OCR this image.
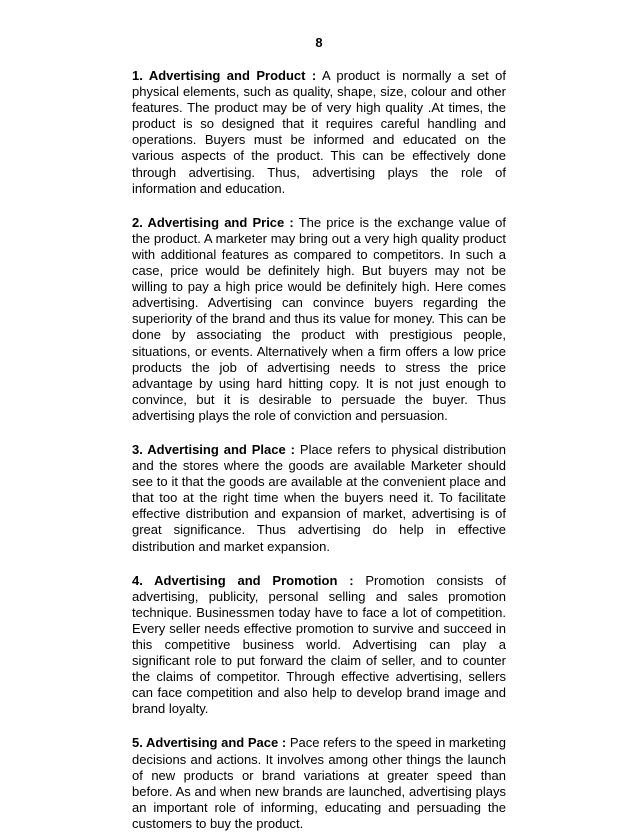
8

1. Advertising and Product : A product is normally a set of physical elements, such as quality, shape, size, colour and other features. The product may be of very high quality .At times, the product is so designed that it requires careful handling and operations. Buyers must be informed and educated on the various aspects of the product. This can be effectively done through advertising. Thus, advertising plays the role of information and education.

2. Advertising and Price : The price is the exchange value of the product. A marketer may bring out a very high quality product with additional features as compared to competitors. In such a case, price would be definitely high. But buyers may not be willing to pay a high price would be definitely high. Here comes advertising. Advertising can convince buyers regarding the superiority of the brand and thus its value for money. This can be done by associating the product with prestigious people, situations, or events. Alternatively when a firm offers a low price products the job of advertising needs to stress the price advantage by using hard hitting copy. It is not just enough to convince, but it is desirable to persuade the buyer. Thus advertising plays the role of conviction and persuasion.

3. Advertising and Place : Place refers to physical distribution and the stores where the goods are available Marketer should see to it that the goods are available at the convenient place and that too at the right time when the buyers need it. To facilitate effective distribution and expansion of market, advertising is of great significance. Thus advertising do help in effective distribution and market expansion.

4. Advertising and Promotion : Promotion consists of advertising, publicity, personal selling and sales promotion technique. Businessmen today have to face a lot of competition. Every seller needs effective promotion to survive and succeed in this competitive business world. Advertising can play a significant role to put forward the claim of seller, and to counter the claims of competitor. Through effective advertising, sellers can face competition and also help to develop brand image and brand loyalty.

5. Advertising and Pace : Pace refers to the speed in marketing decisions and actions. It involves among other things the launch of new products or brand variations at greater speed than before. As and when new brands are launched, advertising plays an important role of informing, educating and persuading the customers to buy the product.
